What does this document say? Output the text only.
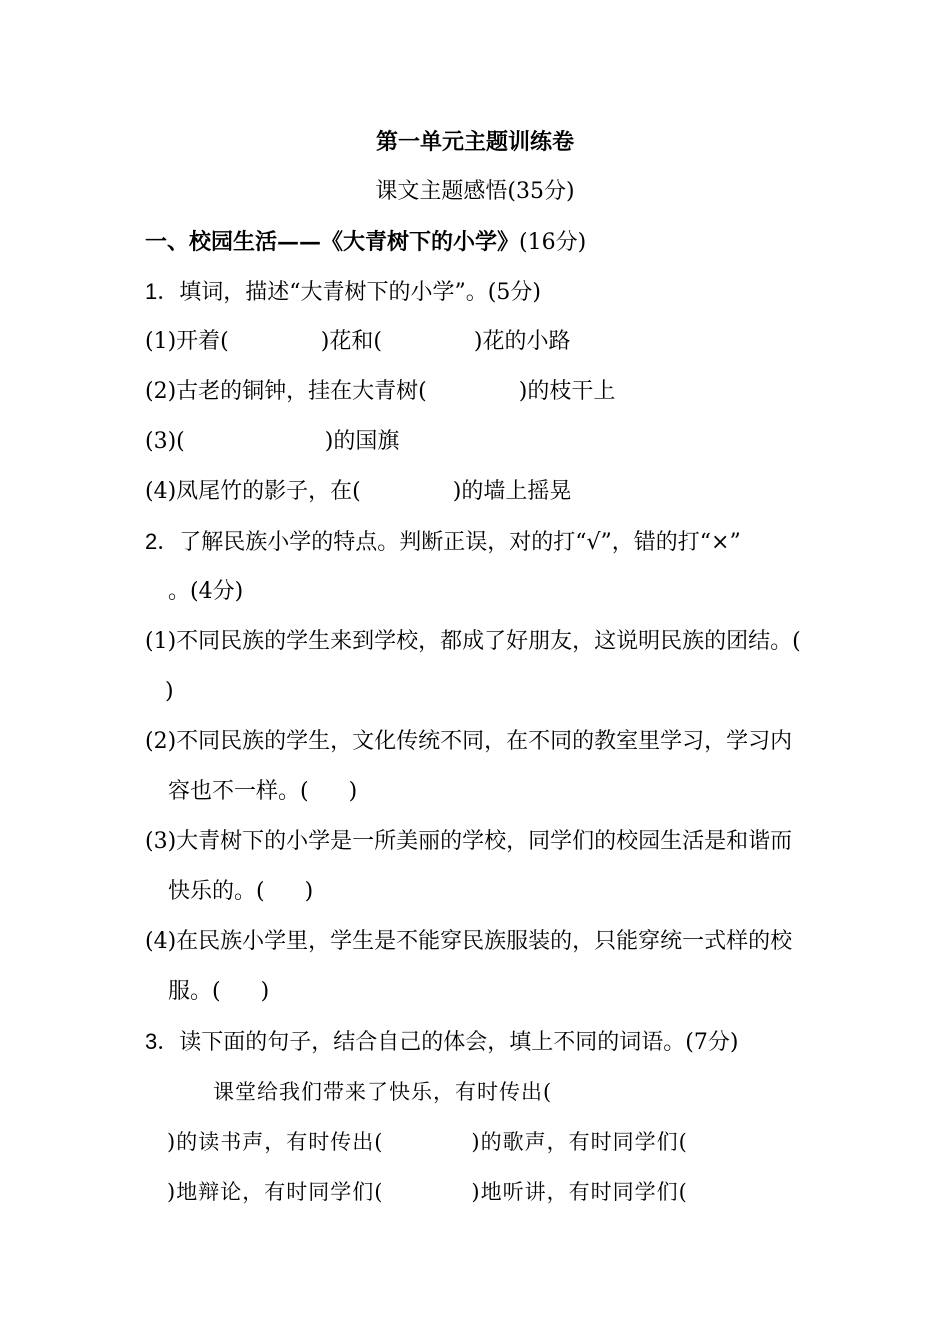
第一单元主题训练卷
课文主题感悟(35分)
一、校园生活——《大青树下的小学》(16分)
1．填词，描述“大青树下的小学”。(5分)
(1)开着(	)花和(	)花的小路
(2)古老的铜钟，挂在大青树(	)的枝干上
(3)(	)的国旗
(4)凤尾竹的影子，在(	)的墙上摇晃
2．了解民族小学的特点。判断正误，对的打“√”，错的打“×”
。(4分)
(1)不同民族的学生来到学校，都成了好朋友，这说明民族的团结。(
)
(2)不同民族的学生，文化传统不同，在不同的教室里学习，学习内
容也不一样。( )
(3)大青树下的小学是一所美丽的学校，同学们的校园生活是和谐而
快乐的。( )
(4)在民族小学里，学生是不能穿民族服装的，只能穿统一式样的校
服。( )
3．读下面的句子，结合自己的体会，填上不同的词语。(7分)
课堂给我们带来了快乐，有时传出(
)的读书声，有时传出(	)的歌声，有时同学们(
)地辩论，有时同学们(	)地听讲，有时同学们(
